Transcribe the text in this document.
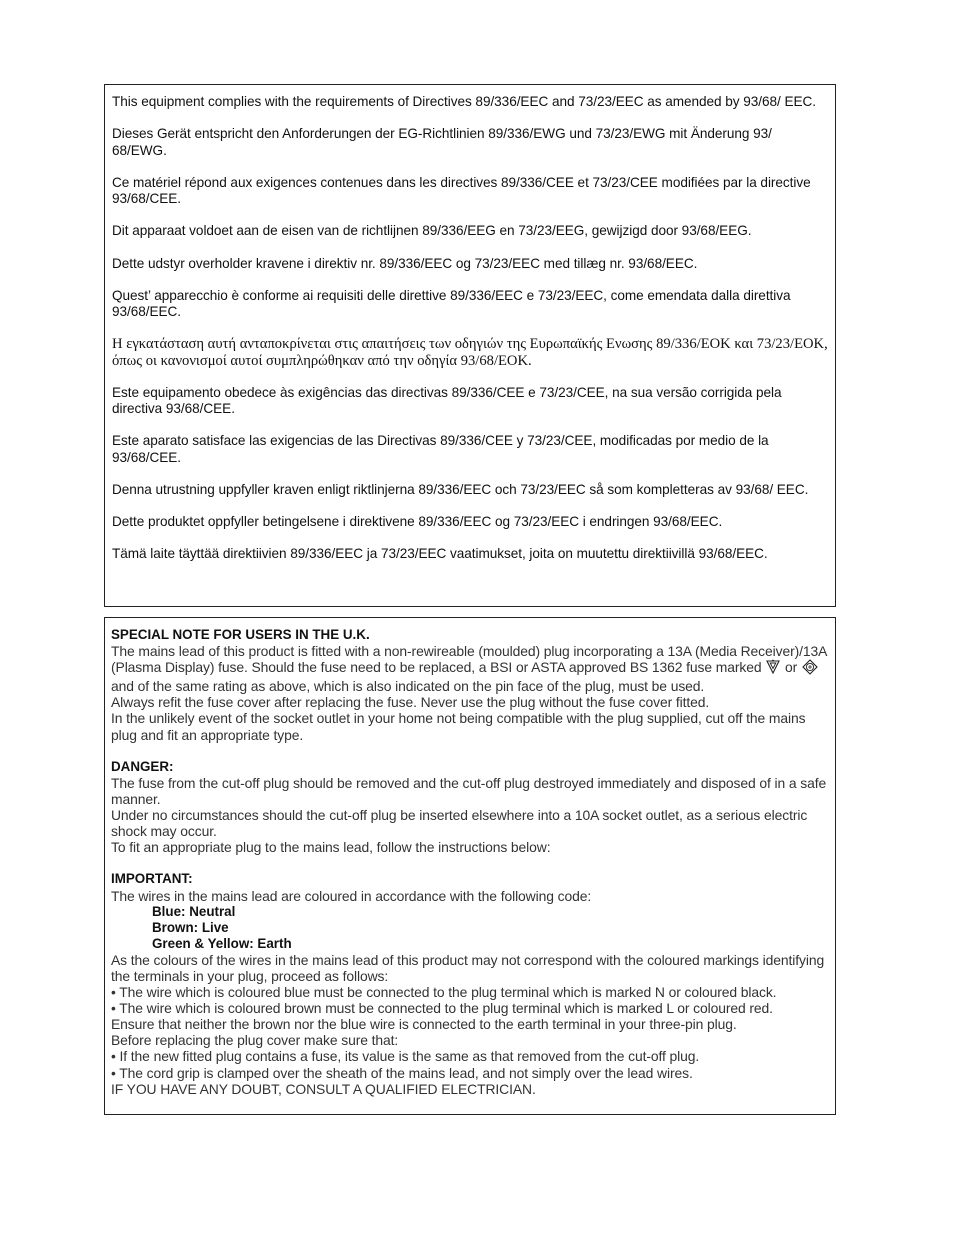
This equipment complies with the requirements of Directives 89/336/EEC and 73/23/EEC as amended by 93/68/ EEC.

Dieses Gerät entspricht den Anforderungen der EG-Richtlinien 89/336/EWG und 73/23/EWG mit Änderung 93/ 68/EWG.

Ce matériel répond aux exigences contenues dans les directives 89/336/CEE et 73/23/CEE modifiées par la directive 93/68/CEE.

Dit apparaat voldoet aan de eisen van de richtlijnen 89/336/EEG en 73/23/EEG, gewijzigd door 93/68/EEG.

Dette udstyr overholder kravene i direktiv nr. 89/336/EEC og 73/23/EEC med tillæg nr. 93/68/EEC.

Quest’ apparecchio è conforme ai requisiti delle direttive 89/336/EEC e 73/23/EEC, come emendata dalla direttiva 93/68/EEC.

Η εγκατάσταση αυτή ανταποκρίνεται στις απαιτήσεις των οδηγιών της Ευρωπαϊκής Ενωσης 89/336/ΕΟΚ και 73/23/ΕΟΚ, όπως οι κανονισμοί αυτοί συμπληρώθηκαν από την οδηγία 93/68/ΕΟΚ.

Este equipamento obedece às exigências das directivas 89/336/CEE e 73/23/CEE, na sua versão corrigida pela directiva 93/68/CEE.

Este aparato satisface las exigencias de las Directivas 89/336/CEE y 73/23/CEE, modificadas por medio de la 93/68/CEE.

Denna utrustning uppfyller kraven enligt riktlinjerna 89/336/EEC och 73/23/EEC så som kompletteras av 93/68/ EEC.

Dette produktet oppfyller betingelsene i direktivene 89/336/EEC og 73/23/EEC i endringen 93/68/EEC.

Tämä laite täyttää direktiivien 89/336/EEC ja 73/23/EEC vaatimukset, joita on muutettu direktiivillä 93/68/EEC.

SPECIAL NOTE FOR USERS IN THE U.K.

The mains lead of this product is fitted with a non-rewireable (moulded) plug incorporating a 13A (Media Receiver)/13A (Plasma Display) fuse. Should the fuse need to be replaced, a BSI or ASTA approved BS 1362 fuse marked or  and of the same rating as above, which is also indicated on the pin face of the plug, must be used.

Always refit the fuse cover after replacing the fuse. Never use the plug without the fuse cover fitted.

In the unlikely event of the socket outlet in your home not being compatible with the plug supplied, cut off the mains plug and fit an appropriate type.

DANGER:

The fuse from the cut-off plug should be removed and the cut-off plug destroyed immediately and disposed of in a safe manner.

Under no circumstances should the cut-off plug be inserted elsewhere into a 10A socket outlet, as a serious electric shock may occur.

To fit an appropriate plug to the mains lead, follow the instructions below:

IMPORTANT:

The wires in the mains lead are coloured in accordance with the following code:

Blue: Neutral
Brown: Live
Green & Yellow: Earth

As the colours of the wires in the mains lead of this product may not correspond with the coloured markings identifying the terminals in your plug, proceed as follows:

• The wire which is coloured blue must be connected to the plug terminal which is marked N or coloured black.

• The wire which is coloured brown must be connected to the plug terminal which is marked L or coloured red.

Ensure that neither the brown nor the blue wire is connected to the earth terminal in your three-pin plug.

Before replacing the plug cover make sure that:

• If the new fitted plug contains a fuse, its value is the same as that removed from the cut-off plug.

• The cord grip is clamped over the sheath of the mains lead, and not simply over the lead wires.

IF YOU HAVE ANY DOUBT, CONSULT A QUALIFIED ELECTRICIAN.
